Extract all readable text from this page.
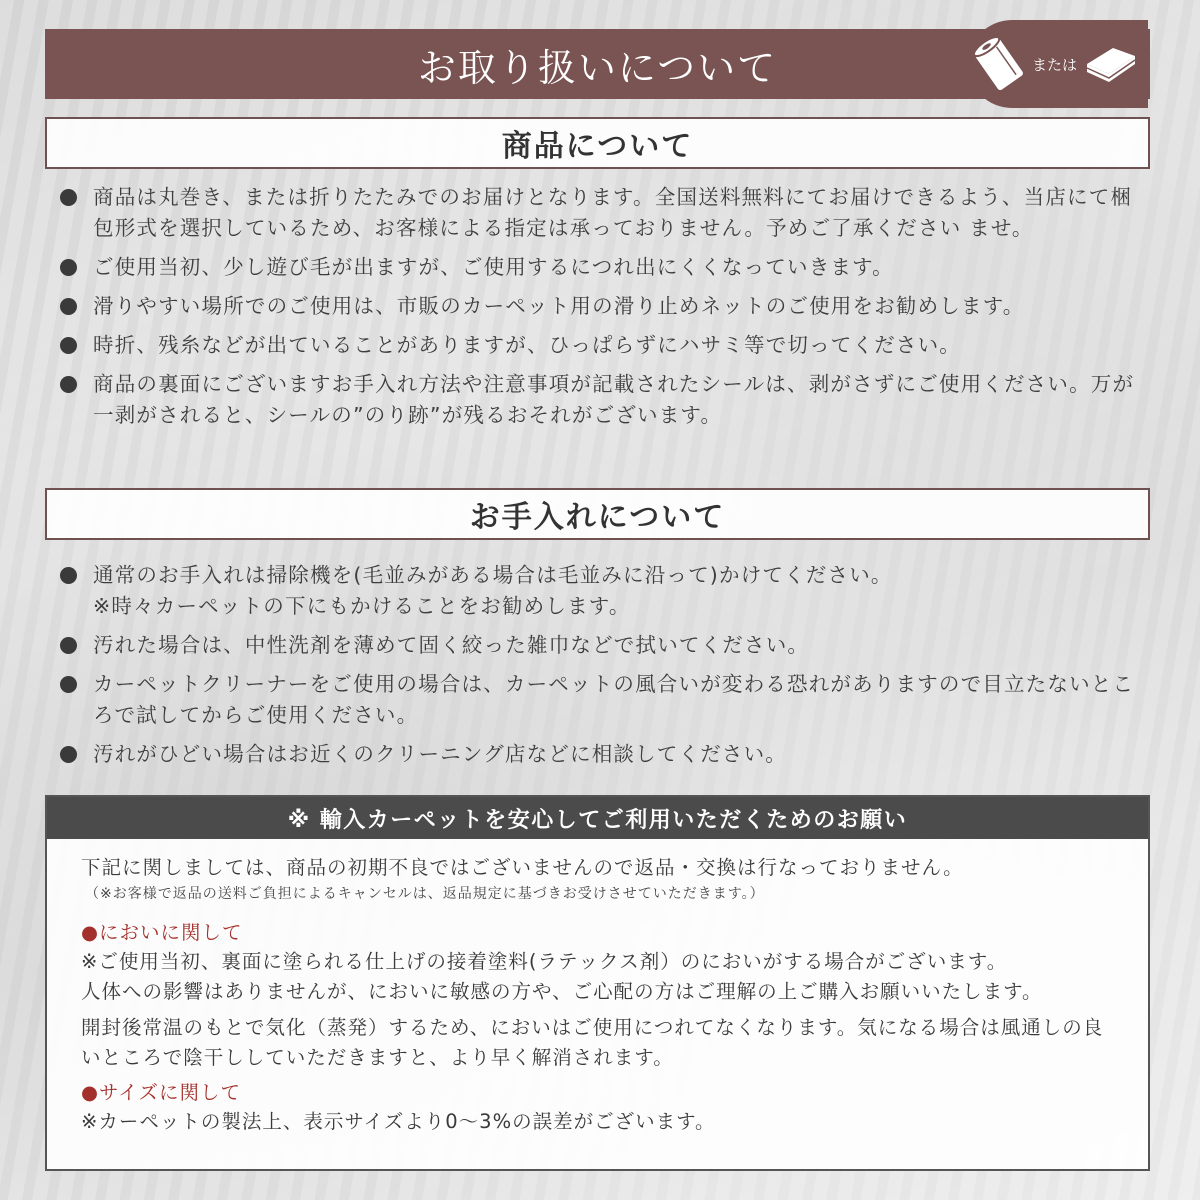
お取り扱いについて	または
商品について
商品は丸巻き、または折りたたみでのお届けとなります。全国送料無料にてお届けできるよう、当店にて梱包形式を選択しているため、お客様による指定は承っておりません。予めご了承ください ませ。
ご使用当初、少し遊び毛が出ますが、ご使用するにつれ出にくくなっていきます。
滑りやすい場所でのご使用は、市販のカーペット用の滑り止めネットのご使用をお勧めします。
時折、残糸などが出ていることがありますが、ひっぱらずにハサミ等で切ってください。
商品の裏面にございますお手入れ方法や注意事項が記載されたシールは、剥がさずにご使用ください。万が一剥がされると、シールの”のり跡”が残るおそれがございます。
お手入れについて
通常のお手入れは掃除機を(毛並みがある場合は毛並みに沿って)かけてください。
※時々カーペットの下にもかけることをお勧めします。
汚れた場合は、中性洗剤を薄めて固く絞った雑巾などで拭いてください。
カーペットクリーナーをご使用の場合は、カーペットの風合いが変わる恐れがありますので目立たないところで試してからご使用ください。
汚れがひどい場合はお近くのクリーニング店などに相談してください。
※ 輸入カーペットを安心してご利用いただくためのお願い

下記に関しましては、商品の初期不良ではございませんので返品・交換は行なっておりません。

（※お客様で返品の送料ご負担によるキャンセルは、返品規定に基づきお受けさせていただきます。）

●においに関して

※ご使用当初、裏面に塗られる仕上げの接着塗料(ラテックス剤）のにおいがする場合がございます。

人体への影響はありませんが、においに敏感の方や、ご心配の方はご理解の上ご購入お願いいたします。

開封後常温のもとで気化（蒸発）するため、においはご使用につれてなくなります。気になる場合は風通しの良いところで陰干ししていただきますと、より早く解消されます。

●サイズに関して

※カーペットの製法上、表示サイズより0〜3%の誤差がございます。
